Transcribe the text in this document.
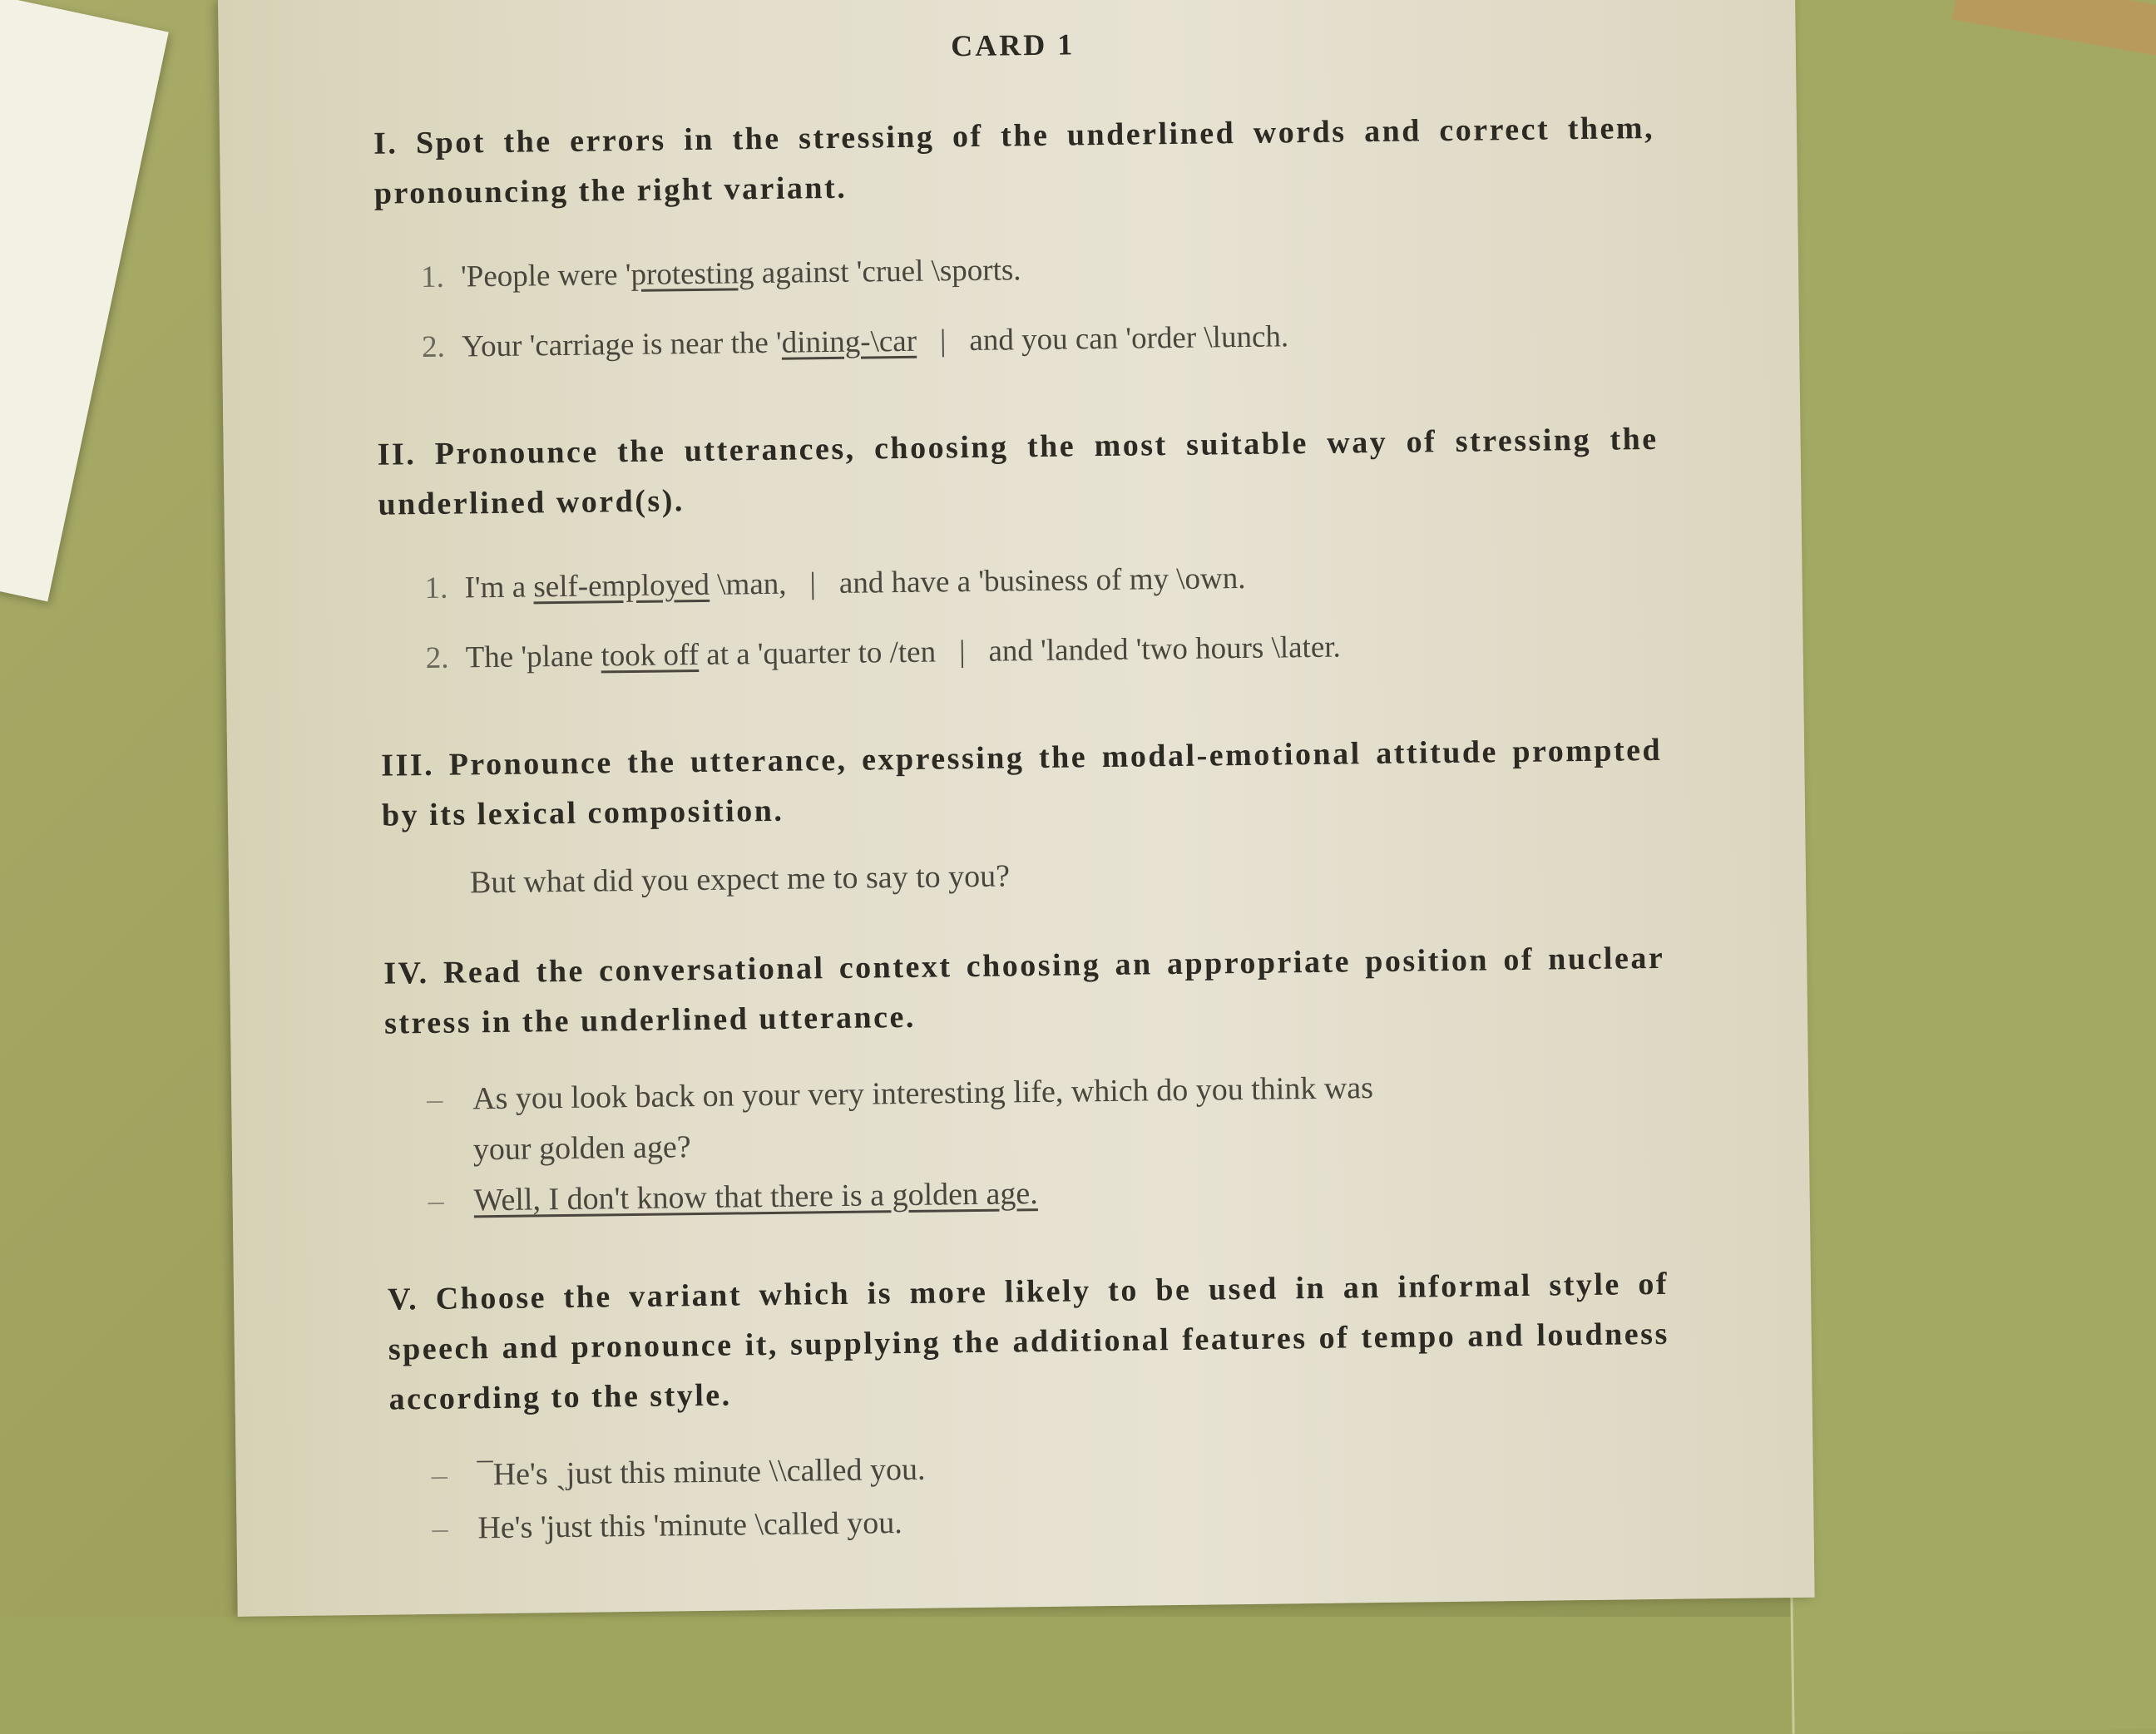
CARD 1

I. Spot the errors in the stressing of the underlined words and correct them, pronouncing the right variant.

1. 'People were 'protesting against 'cruel \sports.
2. Your 'carriage is near the 'dining-\car | and you can 'order \lunch.

II. Pronounce the utterances, choosing the most suitable way of stressing the underlined word(s).

1. I'm a self-employed \man, | and have a 'business of my \own.
2. The 'plane took off at a 'quarter to /ten | and 'landed 'two hours \later.

III. Pronounce the utterance, expressing the modal-emotional attitude prompted by its lexical composition.

But what did you expect me to say to you?

IV. Read the conversational context choosing an appropriate position of nuclear stress in the underlined utterance.

– As you look back on your very interesting life, which do you think was
your golden age?
– Well, I don't know that there is a golden age.

V. Choose the variant which is more likely to be used in an informal style of speech and pronounce it, supplying the additional features of tempo and loudness according to the style.

– ¯He's ˏjust this minute \\called you.
– He's 'just this 'minute \called you.
